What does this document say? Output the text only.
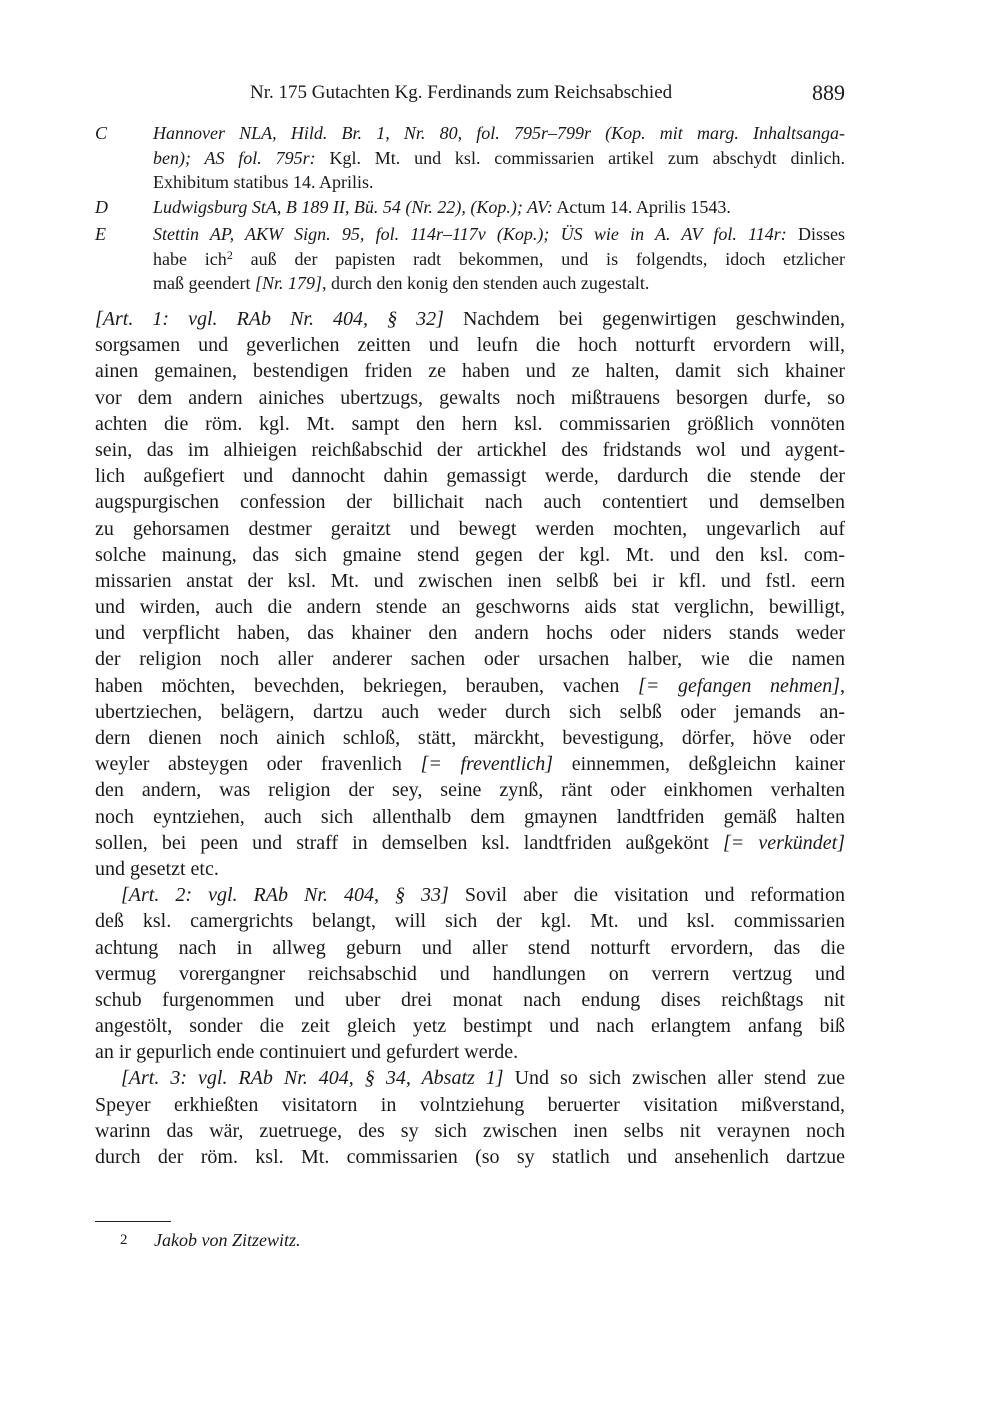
Nr. 175 Gutachten Kg. Ferdinands zum Reichsabschied	889
C	Hannover NLA, Hild. Br. 1, Nr. 80, fol. 795r–799r (Kop. mit marg. Inhaltsanga-
ben); AS fol. 795r: Kgl. Mt. und ksl. commissarien artikel zum abschydt dinlich.
Exhibitum statibus 14. Aprilis.
D	Ludwigsburg StA, B 189 II, Bü. 54 (Nr. 22), (Kop.); AV: Actum 14. Aprilis 1543.
E	Stettin AP, AKW Sign. 95, fol. 114r–117v (Kop.); ÜS wie in A. AV fol. 114r: Disses
habe ich$^2$ auß der papisten radt bekommen, und is folgendts, idoch etzlicher
maß geendert [Nr. 179], durch den konig den stenden auch zugestalt.
[Art. 1: vgl. RAb Nr. 404, § 32] Nachdem bei gegenwirtigen geschwinden,
sorgsamen und geverlichen zeitten und leufn die hoch notturft ervordern will,
ainen gemainen, bestendigen friden ze haben und ze halten, damit sich khainer
vor dem andern ainiches ubertzugs, gewalts noch mißtrauens besorgen durfe, so
achten die röm. kgl. Mt. sampt den hern ksl. commissarien größlich vonnöten
sein, das im alhieigen reichßabschid der artickhel des fridstands wol und aygent-
lich außgefiert und dannocht dahin gemassigt werde, dardurch die stende der
augspurgischen confession der billichait nach auch contentiert und demselben
zu gehorsamen destmer geraitzt und bewegt werden mochten, ungevarlich auf
solche mainung, das sich gmaine stend gegen der kgl. Mt. und den ksl. com-
missarien anstat der ksl. Mt. und zwischen inen selbß bei ir kfl. und fstl. eern
und wirden, auch die andern stende an geschworns aids stat verglichn, bewilligt,
und verpflicht haben, das khainer den andern hochs oder niders stands weder
der religion noch aller anderer sachen oder ursachen halber, wie die namen
haben möchten, bevechden, bekriegen, berauben, vachen [= gefangen nehmen],
ubertziechen, belägern, dartzu auch weder durch sich selbß oder jemands an-
dern dienen noch ainich schloß, stätt, märckht, bevestigung, dörfer, höve oder
weyler absteygen oder fravenlich [= freventlich] einnemmen, deßgleichn kainer
den andern, was religion der sey, seine zynß, ränt oder einkhomen verhalten
noch eyntziehen, auch sich allenthalb dem gmaynen landtfriden gemäß halten
sollen, bei peen und straff in demselben ksl. landtfriden außgekönt [= verkündet]
und gesetzt etc.
[Art. 2: vgl. RAb Nr. 404, § 33] Sovil aber die visitation und reformation
deß ksl. camergrichts belangt, will sich der kgl. Mt. und ksl. commissarien
achtung nach in allweg geburn und aller stend notturft ervordern, das die
vermug vorergangner reichsabschid und handlungen on verrern vertzug und
schub furgenommen und uber drei monat nach endung dises reichßtags nit
angestölt, sonder die zeit gleich yetz bestimpt und nach erlangtem anfang biß
an ir gepurlich ende continuiert und gefurdert werde.
[Art. 3: vgl. RAb Nr. 404, § 34, Absatz 1] Und so sich zwischen aller stend zue
Speyer erkhießten visitatorn in volntziehung beruerter visitation mißverstand,
warinn das wär, zuetruege, des sy sich zwischen inen selbs nit veraynen noch
durch der röm. ksl. Mt. commissarien (so sy statlich und ansehenlich dartzue
2 Jakob von Zitzewitz.
